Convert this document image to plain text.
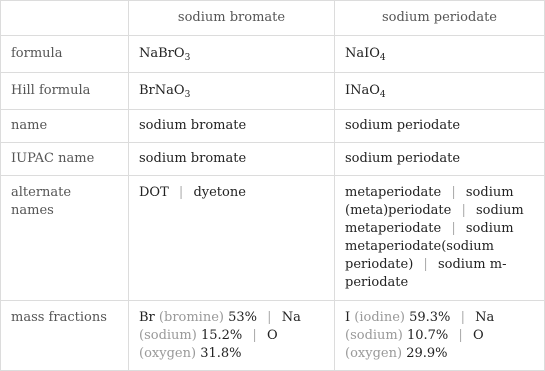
	sodium bromate	sodium periodate
formula	NaBrO$_3$	NaIO$_4$
Hill formula	BrNaO$_3$	INaO$_4$
name	sodium bromate	sodium periodate
IUPAC name	sodium bromate	sodium periodate
alternate names	DOT | dyetone	metaperiodate | sodium (meta)periodate | sodium metaperiodate | sodium metaperiodate(sodium periodate) | sodium m-periodate
mass fractions	Br (bromine) 53% | Na (sodium) 15.2% | O (oxygen) 31.8%	I (iodine) 59.3% | Na (sodium) 10.7% | O (oxygen) 29.9%
